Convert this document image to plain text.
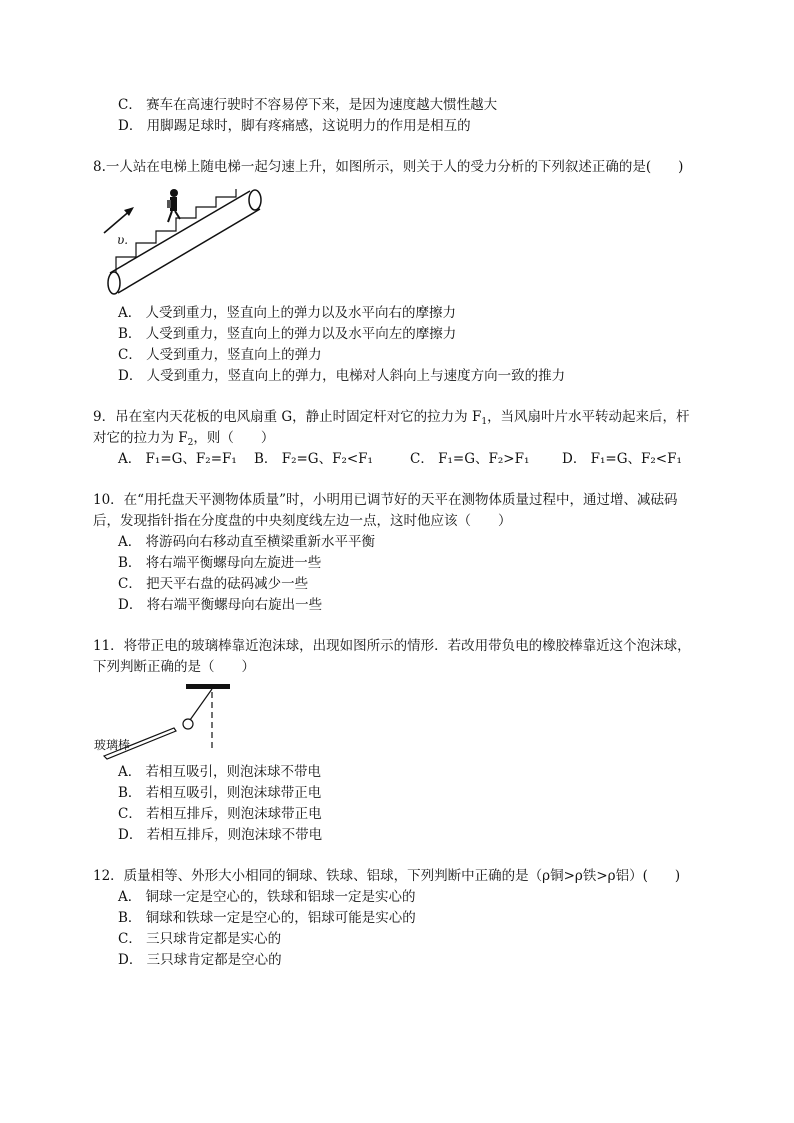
C． 赛车在高速行驶时不容易停下来，是因为速度越大惯性越大
D． 用脚踢足球时，脚有疼痛感，这说明力的作用是相互的
8.一人站在电梯上随电梯一起匀速上升，如图所示，则关于人的受力分析的下列叙述正确的是(　　)
υ.
A． 人受到重力，竖直向上的弹力以及水平向右的摩擦力
B． 人受到重力，竖直向上的弹力以及水平向左的摩擦力
C． 人受到重力，竖直向上的弹力
D． 人受到重力，竖直向上的弹力，电梯对人斜向上与速度方向一致的推力
9．吊在室内天花板的电风扇重 G，静止时固定杆对它的拉力为 $F_1$，当风扇叶片水平转动起来后，杆
对它的拉力为 $F_2$，则（　　）
A． F₁=G、F₂=F₁ B． F₂=G、F₂<F₁	C． F₁=G、F₂>F₁ D． F₁=G、F₂<F₁
10．在“用托盘天平测物体质量”时，小明用已调节好的天平在测物体质量过程中，通过增、减砝码
后，发现指针指在分度盘的中央刻度线左边一点，这时他应该（　　）
A． 将游码向右移动直至横梁重新水平平衡
B． 将右端平衡螺母向左旋进一些
C． 把天平右盘的砝码减少一些
D． 将右端平衡螺母向右旋出一些
11．将带正电的玻璃棒靠近泡沫球，出现如图所示的情形．若改用带负电的橡胶棒靠近这个泡沫球，
下列判断正确的是（　　）
玻璃棒
A． 若相互吸引，则泡沫球不带电
B． 若相互吸引，则泡沫球带正电
C． 若相互排斥，则泡沫球带正电
D． 若相互排斥，则泡沫球不带电
12．质量相等、外形大小相同的铜球、铁球、铝球，下列判断中正确的是（ρ铜>ρ铁>ρ铝）(　　)
A． 铜球一定是空心的，铁球和铝球一定是实心的
B． 铜球和铁球一定是空心的，铝球可能是实心的
C． 三只球肯定都是实心的
D． 三只球肯定都是空心的
